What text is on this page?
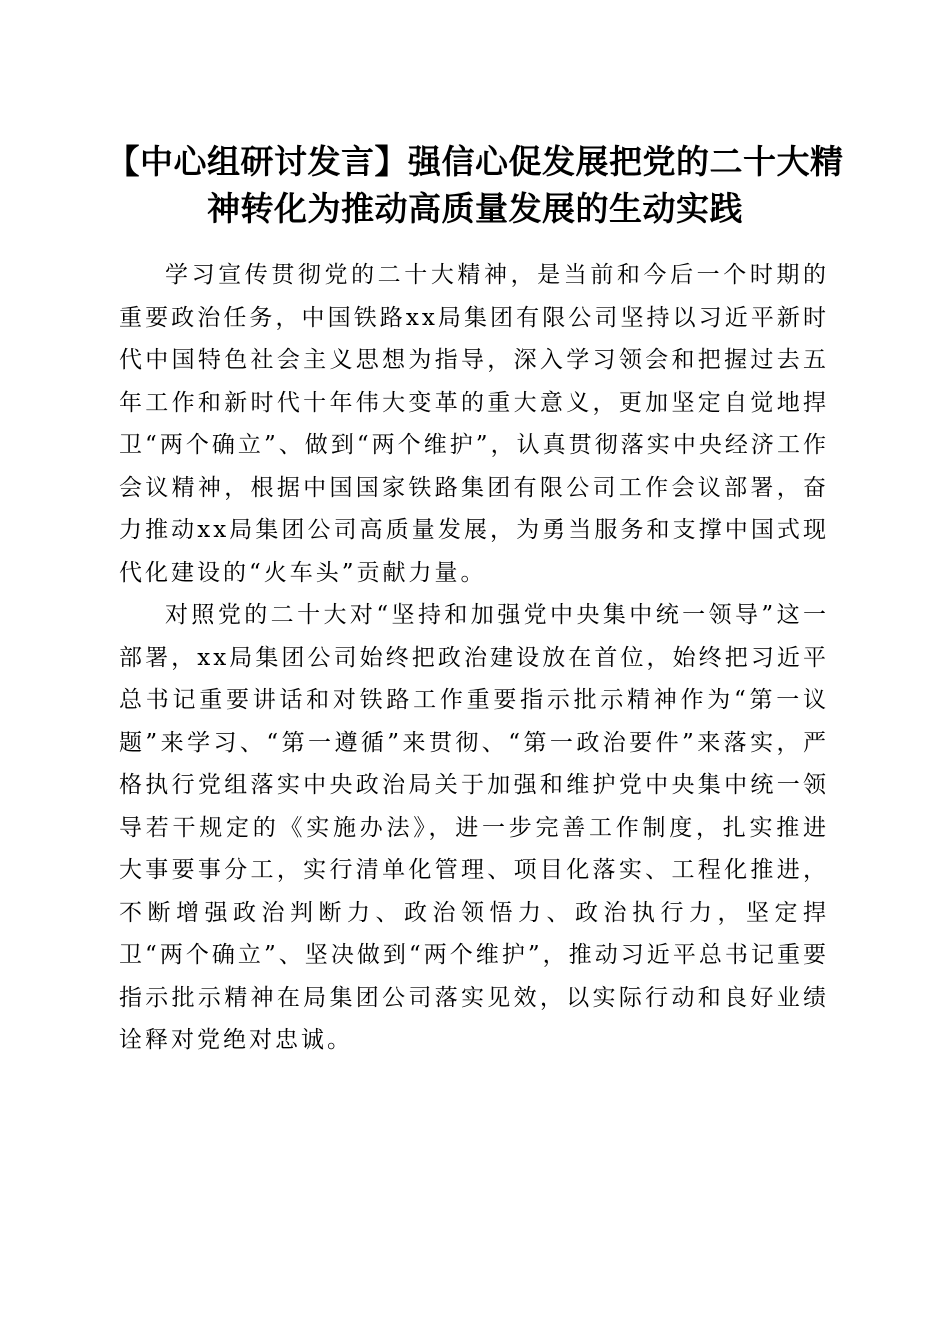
【中心组研讨发言】强信心促发展把党的二十大精神转化为推动高质量发展的生动实践

学习宣传贯彻党的二十大精神，是当前和今后一个时期的重要政治任务，中国铁路xx局集团有限公司坚持以习近平新时代中国特色社会主义思想为指导，深入学习领会和把握过去五年工作和新时代十年伟大变革的重大意义，更加坚定自觉地捍卫“两个确立”、做到“两个维护”，认真贯彻落实中央经济工作会议精神，根据中国国家铁路集团有限公司工作会议部署，奋力推动xx局集团公司高质量发展，为勇当服务和支撑中国式现代化建设的“火车头”贡献力量。

对照党的二十大对“坚持和加强党中央集中统一领导”这一部署，xx局集团公司始终把政治建设放在首位，始终把习近平总书记重要讲话和对铁路工作重要指示批示精神作为“第一议题”来学习、“第一遵循”来贯彻、“第一政治要件”来落实，严格执行党组落实中央政治局关于加强和维护党中央集中统一领导若干规定的《实施办法》，进一步完善工作制度，扎实推进大事要事分工，实行清单化管理、项目化落实、工程化推进，不断增强政治判断力、政治领悟力、政治执行力，坚定捍卫“两个确立”、坚决做到“两个维护”，推动习近平总书记重要指示批示精神在局集团公司落实见效，以实际行动和良好业绩诠释对党绝对忠诚。
